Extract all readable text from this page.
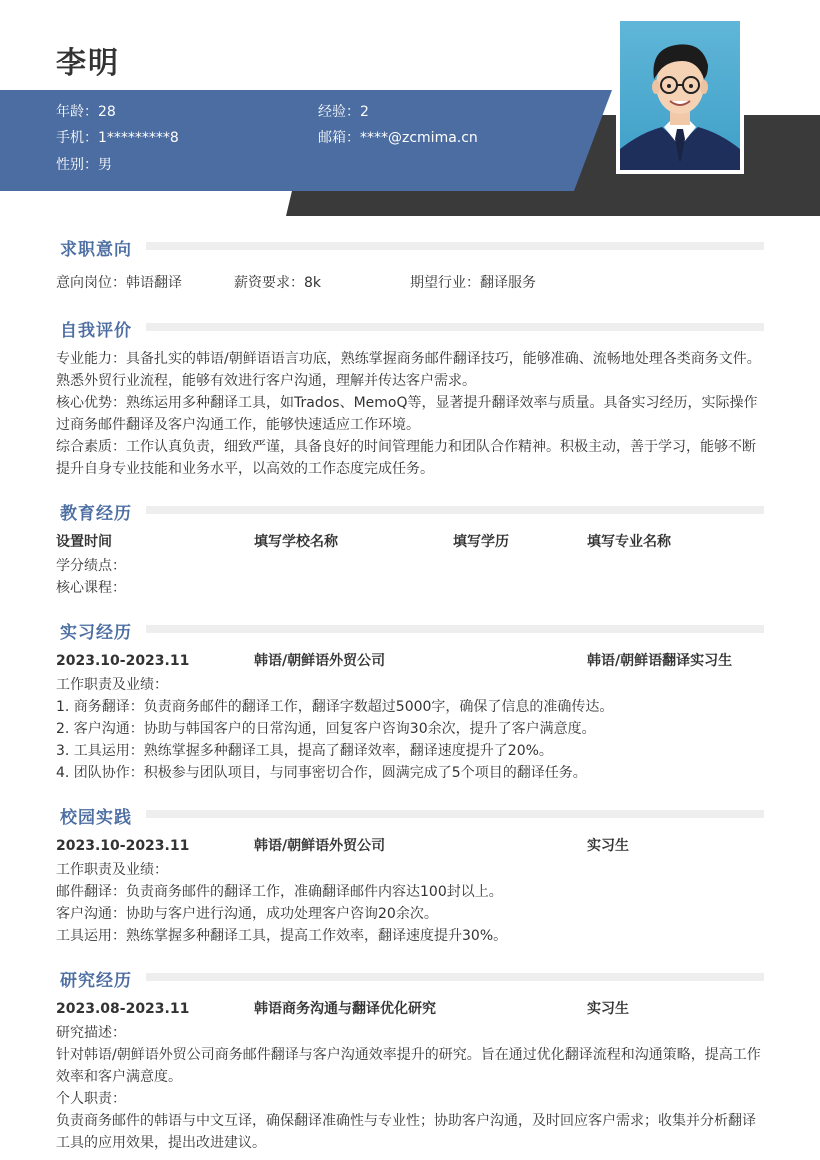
李明
年龄：28	经验：2
手机：1*********8	邮箱：****@zcmima.cn
性别：男
求职意向
意向岗位：韩语翻译	薪资要求：8k	期望行业：翻译服务
自我评价
专业能力：具备扎实的韩语/朝鲜语语言功底，熟练掌握商务邮件翻译技巧，能够准确、流畅地处理各类商务文件。熟悉外贸行业流程，能够有效进行客户沟通，理解并传达客户需求。
核心优势：熟练运用多种翻译工具，如Trados、MemoQ等，显著提升翻译效率与质量。具备实习经历，实际操作过商务邮件翻译及客户沟通工作，能够快速适应工作环境。
综合素质：工作认真负责，细致严谨，具备良好的时间管理能力和团队合作精神。积极主动，善于学习，能够不断提升自身专业技能和业务水平，以高效的工作态度完成任务。
教育经历
设置时间	填写学校名称	填写学历	填写专业名称
学分绩点：
核心课程：
实习经历
2023.10-2023.11	韩语/朝鲜语外贸公司	韩语/朝鲜语翻译实习生
工作职责及业绩：
1. 商务翻译：负责商务邮件的翻译工作，翻译字数超过5000字，确保了信息的准确传达。
2. 客户沟通：协助与韩国客户的日常沟通，回复客户咨询30余次，提升了客户满意度。
3. 工具运用：熟练掌握多种翻译工具，提高了翻译效率，翻译速度提升了20%。
4. 团队协作：积极参与团队项目，与同事密切合作，圆满完成了5个项目的翻译任务。
校园实践
2023.10-2023.11	韩语/朝鲜语外贸公司	实习生
工作职责及业绩：
邮件翻译：负责商务邮件的翻译工作，准确翻译邮件内容达100封以上。
客户沟通：协助与客户进行沟通，成功处理客户咨询20余次。
工具运用：熟练掌握多种翻译工具，提高工作效率，翻译速度提升30%。
研究经历
2023.08-2023.11	韩语商务沟通与翻译优化研究	实习生
研究描述：
针对韩语/朝鲜语外贸公司商务邮件翻译与客户沟通效率提升的研究。旨在通过优化翻译流程和沟通策略，提高工作效率和客户满意度。
个人职责：
负责商务邮件的韩语与中文互译，确保翻译准确性与专业性；协助客户沟通，及时回应客户需求；收集并分析翻译工具的应用效果，提出改进建议。
